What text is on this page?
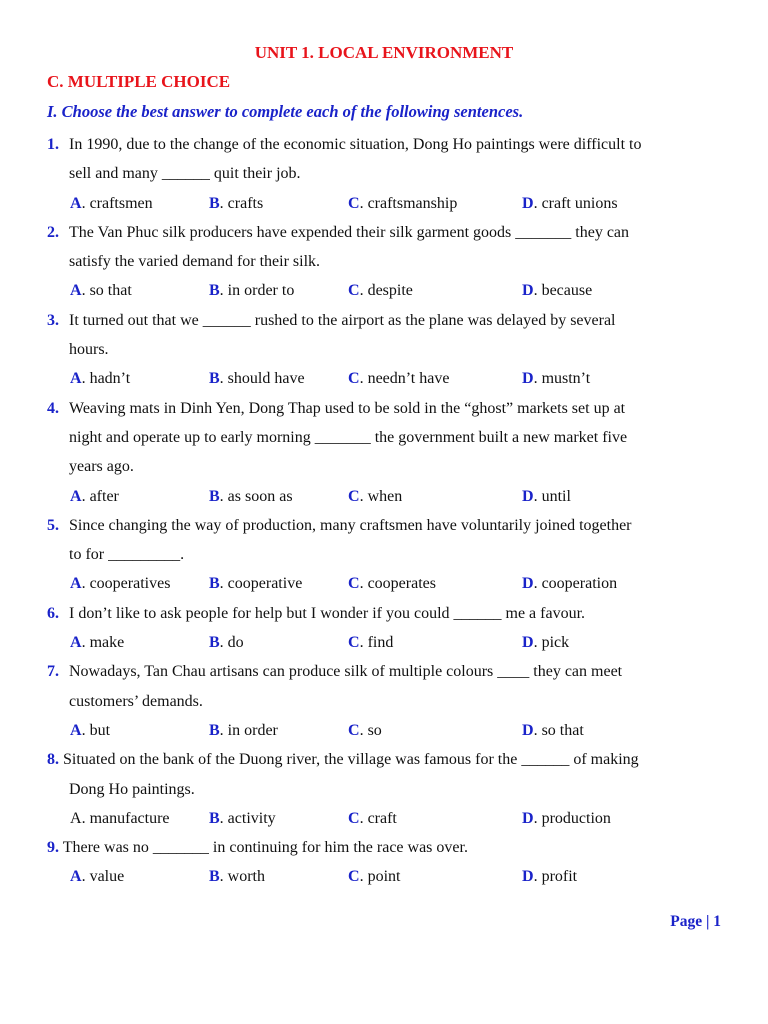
UNIT 1. LOCAL ENVIRONMENT
C. MULTIPLE CHOICE
I. Choose the best answer to complete each of the following sentences.
1. In 1990, due to the change of the economic situation, Dong Ho paintings were difficult to
sell and many ______ quit their job.
A. craftsmen	B. crafts	C. craftsmanship	D. craft unions
2. The Van Phuc silk producers have expended their silk garment goods _______ they can
satisfy the varied demand for their silk.
A. so that	B. in order to	C. despite	D. because
3. It turned out that we ______ rushed to the airport as the plane was delayed by several
hours.
A. hadn’t	B. should have	C. needn’t have	D. mustn’t
4. Weaving mats in Dinh Yen, Dong Thap used to be sold in the “ghost” markets set up at
night and operate up to early morning _______ the government built a new market five
years ago.
A. after	B. as soon as	C. when	D. until
5. Since changing the way of production, many craftsmen have voluntarily joined together
to for _________.
A. cooperatives B. cooperative	C. cooperates	D. cooperation
6. I don’t like to ask people for help but I wonder if you could ______ me a favour.
A. make	B. do	C. find	D. pick
7. Nowadays, Tan Chau artisans can produce silk of multiple colours ____ they can meet
customers’ demands.
A. but	B. in order	C. so	D. so that
8. Situated on the bank of the Duong river, the village was famous for the ______ of making
Dong Ho paintings.
A. manufacture B. activity	C. craft	D. production
9. There was no _______ in continuing for him the race was over.
A. value	B. worth	C. point	D. profit
Page | 1
